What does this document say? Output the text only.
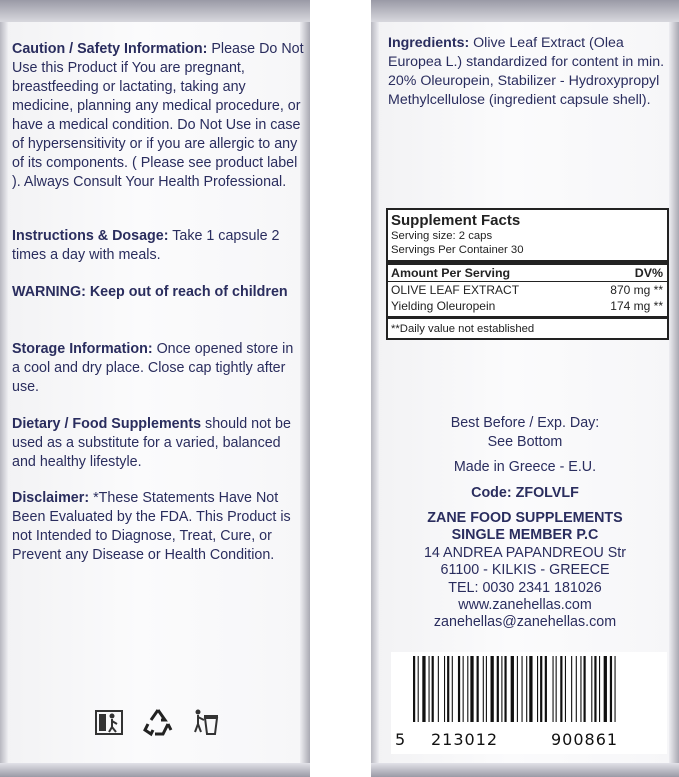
Caution / Safety Information: Please Do Not Use this Product if You are pregnant, breastfeeding or lactating, taking any medicine, planning any medical procedure, or have a medical condition. Do Not Use in case of hypersensitivity or if you are allergic to any of its components. ( Please see product label ). Always Consult Your Health Professional.
Instructions & Dosage: Take 1 capsule 2 times a day with meals.
WARNING: Keep out of reach of children
Storage Information: Once opened store in a cool and dry place. Close cap tightly after use.
Dietary / Food Supplements should not be used as a substitute for a varied, balanced and healthy lifestyle.
Disclaimer: *These Statements Have Not Been Evaluated by the FDA. This Product is not Intended to Diagnose, Treat, Cure, or Prevent any Disease or Health Condition.
Ingredients: Olive Leaf Extract (Olea Europea L.) standardized for content in min. 20% Oleuropein, Stabilizer - Hydroxypropyl Methylcellulose (ingredient capsule shell).
Supplement Facts
Serving size: 2 caps
Servings Per Container 30
Amount Per Serving	DV%
OLIVE LEAF EXTRACT	870 mg **
Yielding Oleuropein	174 mg **
**Daily value not established
Best Before / Exp. Day:
See Bottom
Made in Greece - E.U.
Code: ZFOLVLF
ZANE FOOD SUPPLEMENTS
SINGLE MEMBER P.C
14 ANDREA PAPANDREOU Str
61100 - KILKIS - GREECE
TEL: 0030 2341 181026
www.zanehellas.com
zanehellas@zanehellas.com
5 213012	900861
